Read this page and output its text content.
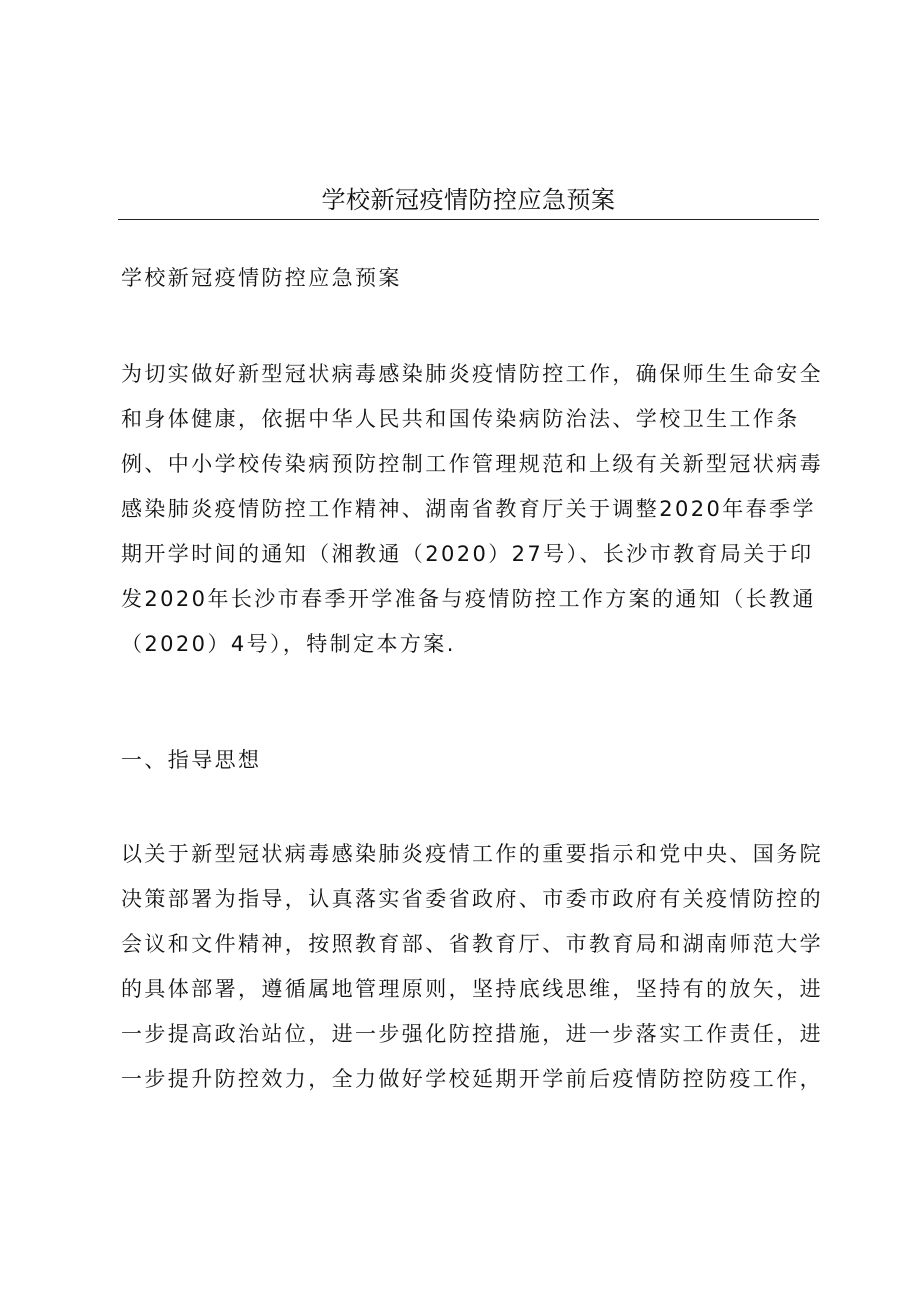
学校新冠疫情防控应急预案
学校新冠疫情防控应急预案
为切实做好新型冠状病毒感染肺炎疫情防控工作，确保师生生命安全
和身体健康，依据中华人民共和国传染病防治法、学校卫生工作条
例、中小学校传染病预防控制工作管理规范和上级有关新型冠状病毒
感染肺炎疫情防控工作精神、湖南省教育厅关于调整2020年春季学
期开学时间的通知（湘教通（2020）27号）、长沙市教育局关于印
发2020年长沙市春季开学准备与疫情防控工作方案的通知（长教通
（2020）4号），特制定本方案.
一、指导思想
以关于新型冠状病毒感染肺炎疫情工作的重要指示和党中央、国务院
决策部署为指导，认真落实省委省政府、市委市政府有关疫情防控的
会议和文件精神，按照教育部、省教育厅、市教育局和湖南师范大学
的具体部署，遵循属地管理原则，坚持底线思维，坚持有的放矢，进
一步提高政治站位，进一步强化防控措施，进一步落实工作责任，进
一步提升防控效力，全力做好学校延期开学前后疫情防控防疫工作，
